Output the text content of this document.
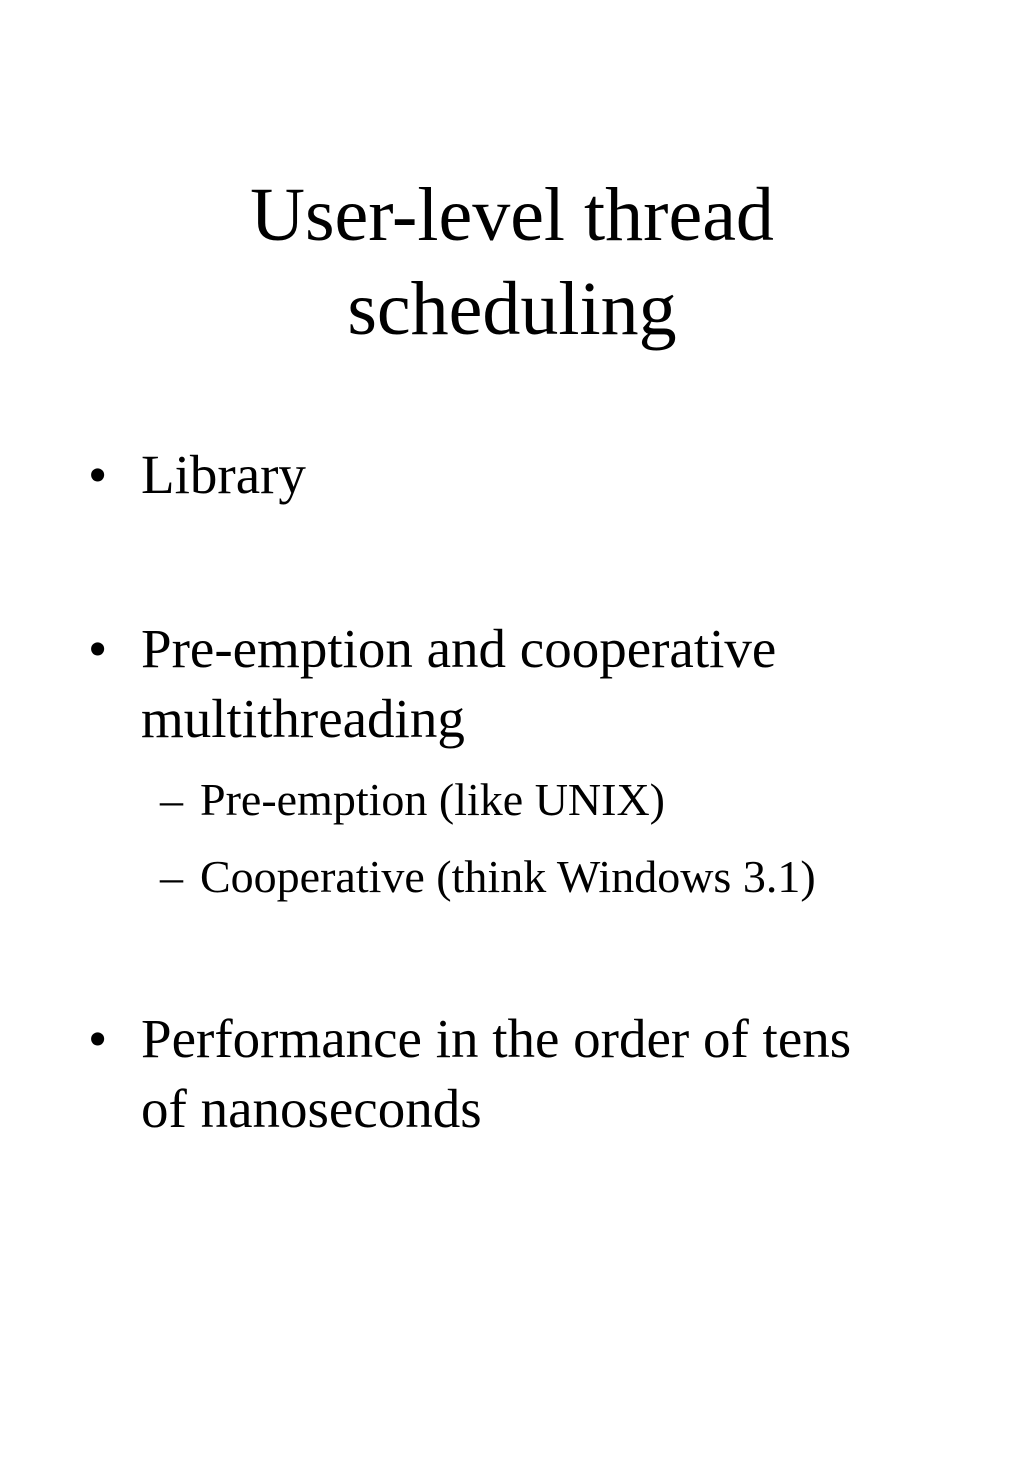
User-level thread
scheduling
• Library
• Pre-emption and cooperative
multithreading
– Pre-emption (like UNIX)
– Cooperative (think Windows 3.1)
• Performance in the order of tens
of nanoseconds
